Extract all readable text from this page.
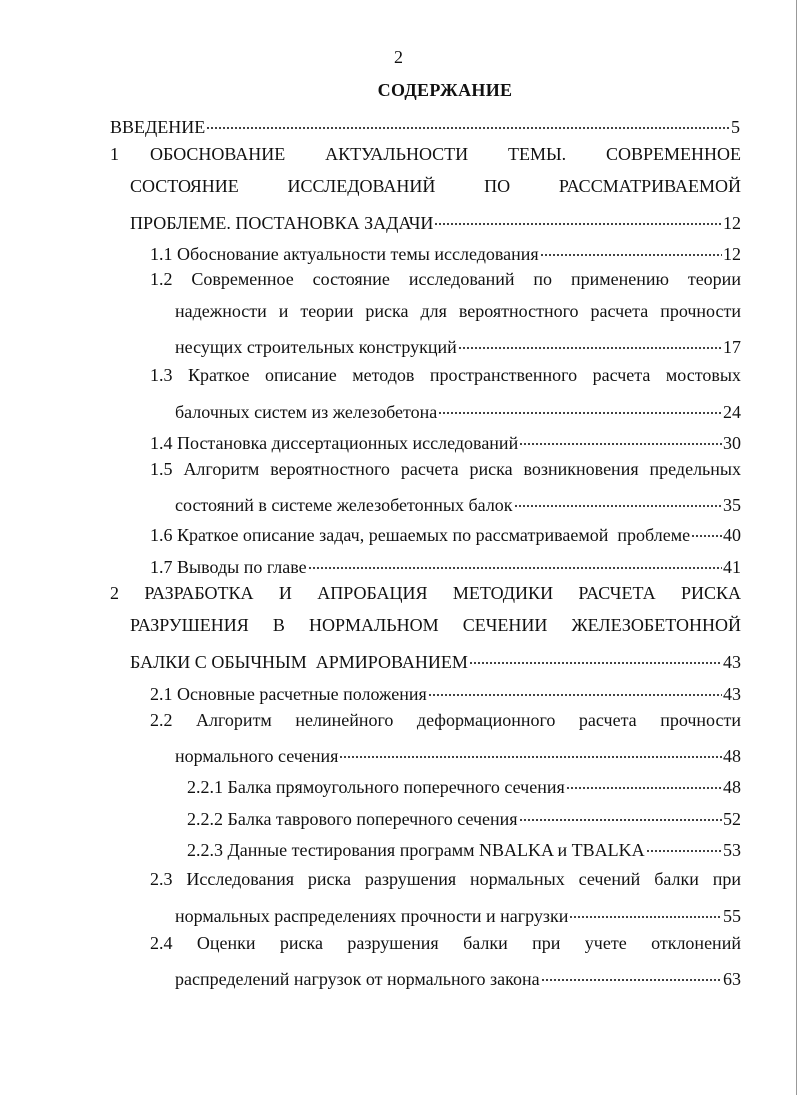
2
СОДЕРЖАНИЕ
ВВЕДЕНИЕ	5
1 ОБОСНОВАНИЕ АКТУАЛЬНОСТИ ТЕМЫ. СОВРЕМЕННОЕ
СОСТОЯНИЕ	ИССЛЕДОВАНИЙ	ПО	РАССМАТРИВАЕМОЙ
ПРОБЛЕМЕ. ПОСТАНОВКА ЗАДАЧИ	12
1.1 Обоснование актуальности темы исследования	12
1.2 Современное состояние исследований по применению теории
надежности и теории риска для вероятностного расчета прочности
несущих строительных конструкций	17
1.3 Краткое описание методов пространственного расчета мостовых
балочных систем из железобетона	24
1.4 Постановка диссертационных исследований	30
1.5 Алгоритм вероятностного расчета риска возникновения предельных
состояний в системе железобетонных балок	35
1.6 Краткое описание задач, решаемых по рассматриваемой  проблеме 40
1.7 Выводы по главе	41
2 РАЗРАБОТКА И АПРОБАЦИЯ МЕТОДИКИ РАСЧЕТА РИСКА
РАЗРУШЕНИЯ В НОРМАЛЬНОМ СЕЧЕНИИ ЖЕЛЕЗОБЕТОННОЙ
БАЛКИ С ОБЫЧНЫМ  АРМИРОВАНИЕМ	43
2.1 Основные расчетные положения	43
2.2 Алгоритм нелинейного деформационного расчета прочности
нормального сечения	48
2.2.1 Балка прямоугольного поперечного сечения	48
2.2.2 Балка таврового поперечного сечения	52
2.2.3 Данные тестирования программ NBALKA и TBALKA	53
2.3 Исследования риска разрушения нормальных сечений балки при
нормальных распределениях прочности и нагрузки	55
2.4 Оценки риска разрушения балки при учете отклонений
распределений нагрузок от нормального закона	63
